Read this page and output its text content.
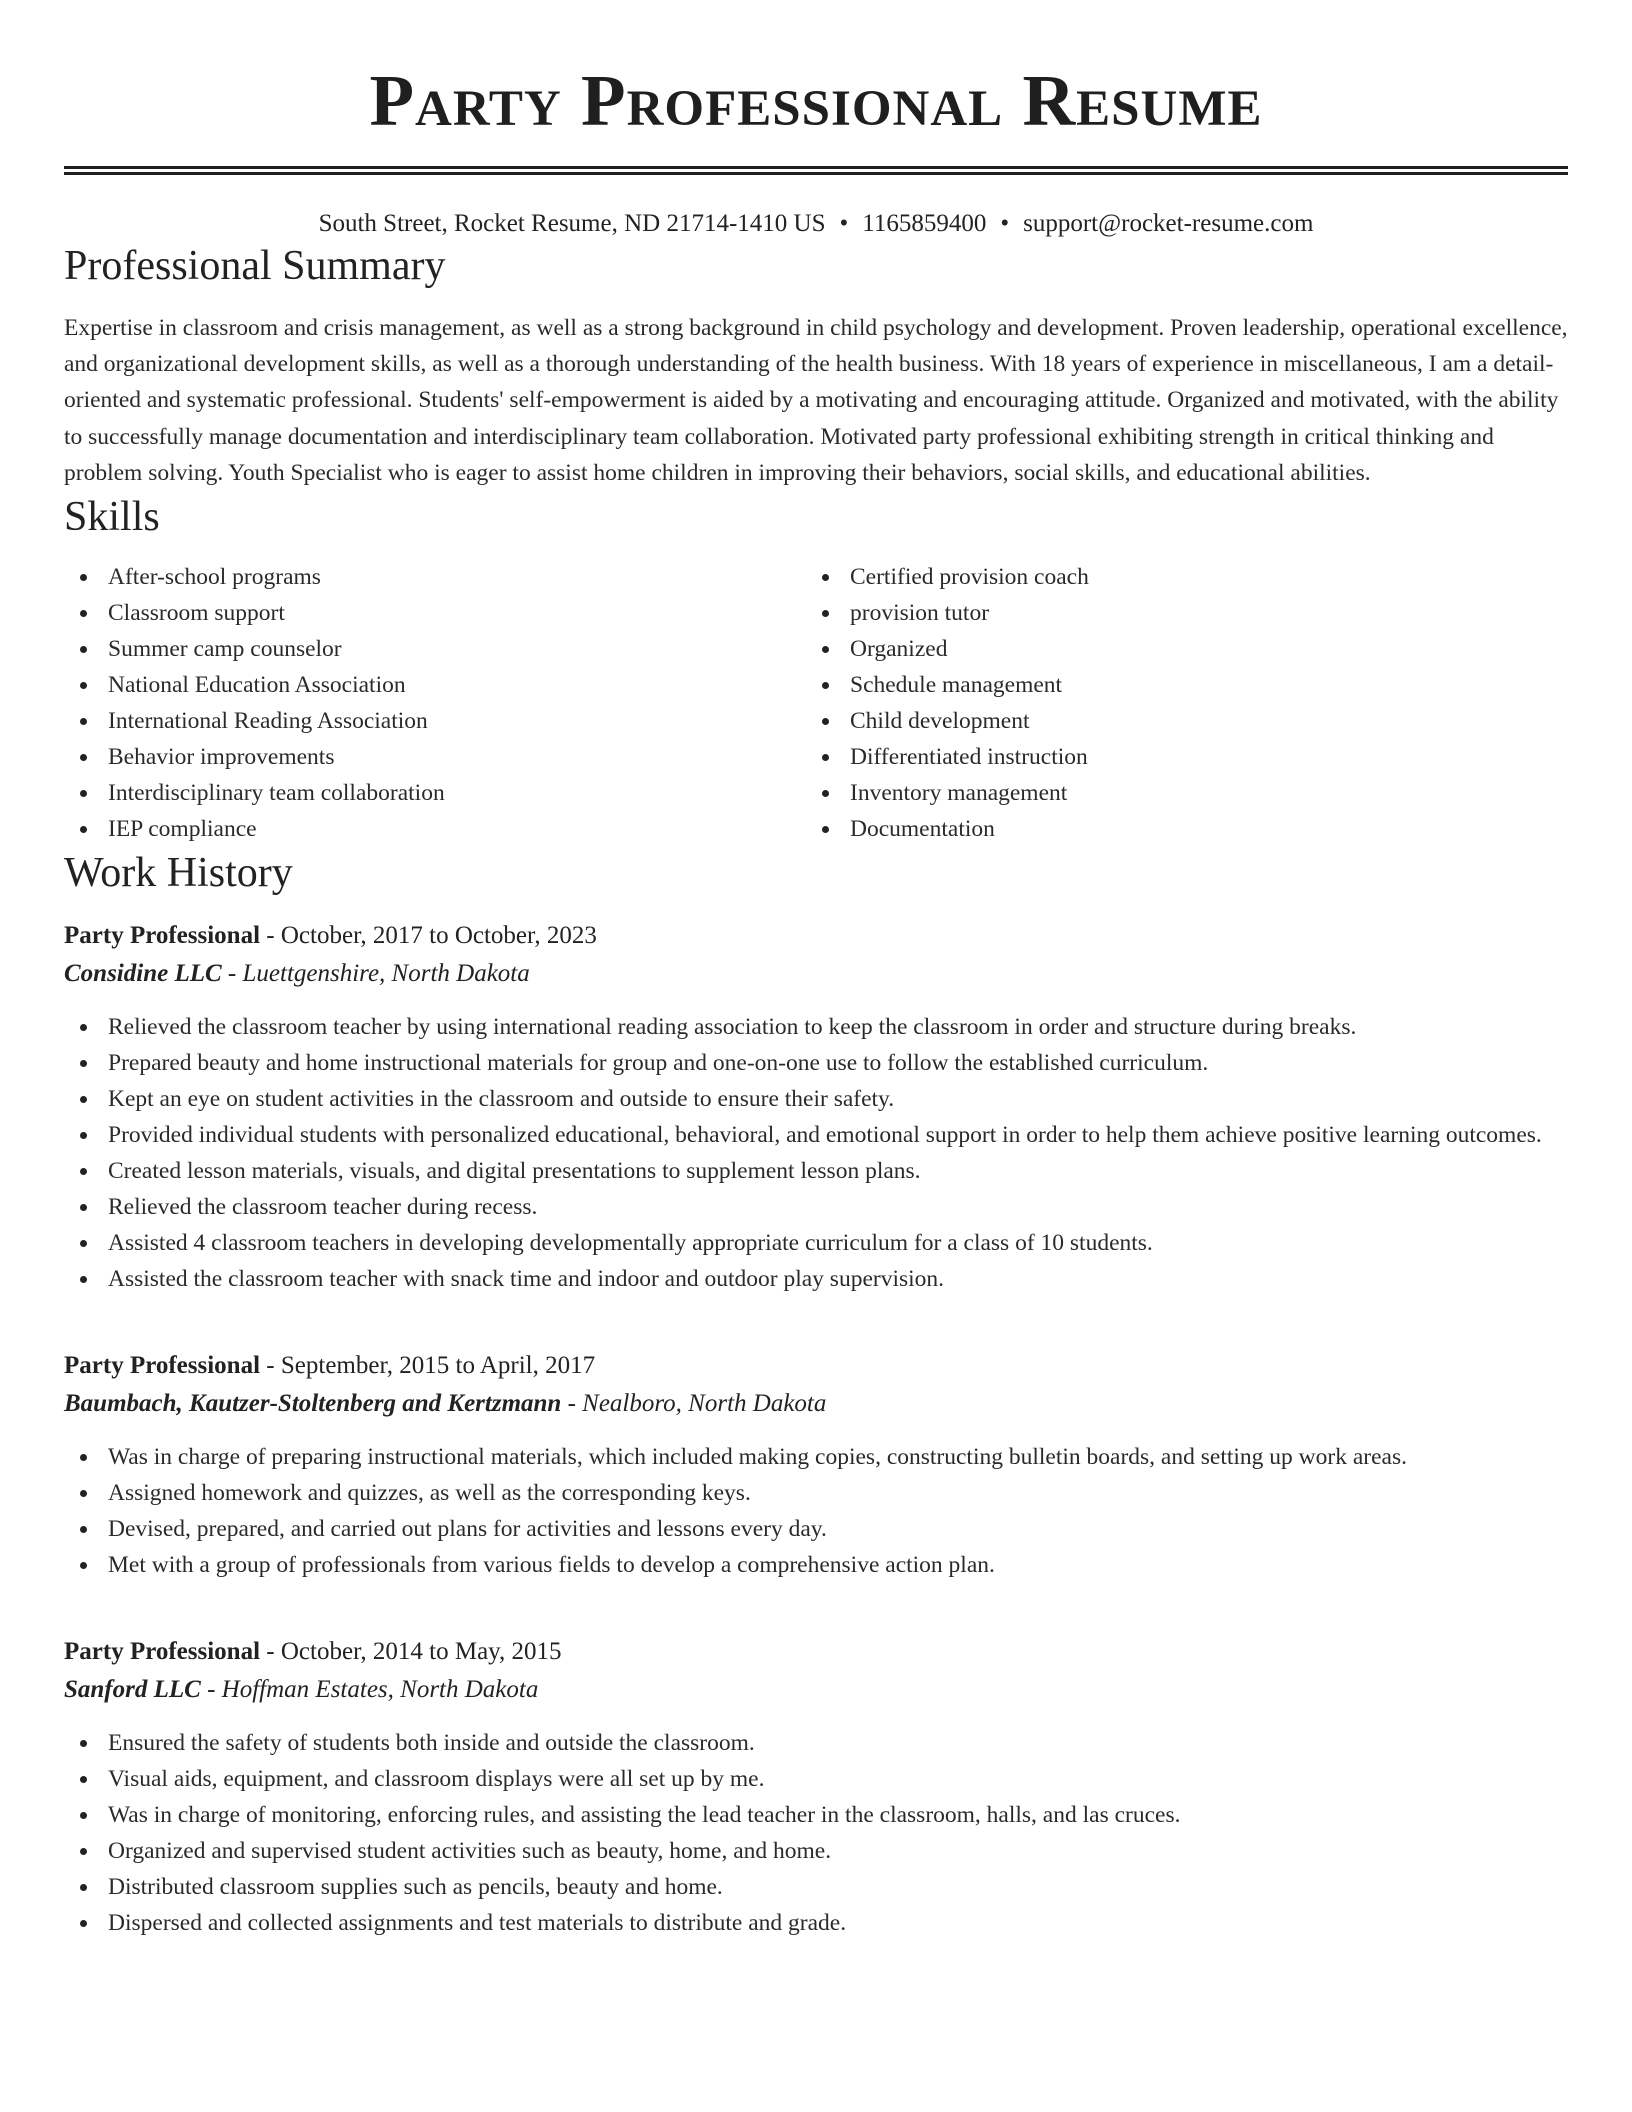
Party Professional Resume
South Street, Rocket Resume, ND 21714-1410 US • 1165859400 • support@rocket-resume.com
Professional Summary

Expertise in classroom and crisis management, as well as a strong background in child psychology and development. Proven leadership, operational excellence, and organizational development skills, as well as a thorough understanding of the health business. With 18 years of experience in miscellaneous, I am a detail-oriented and systematic professional. Students' self-empowerment is aided by a motivating and encouraging attitude. Organized and motivated, with the ability to successfully manage documentation and interdisciplinary team collaboration. Motivated party professional exhibiting strength in critical thinking and problem solving. Youth Specialist who is eager to assist home children in improving their behaviors, social skills, and educational abilities.

Skills
After-school programs
Classroom support
Summer camp counselor
National Education Association
International Reading Association
Behavior improvements
Interdisciplinary team collaboration
IEP compliance
Certified provision coach
provision tutor
Organized
Schedule management
Child development
Differentiated instruction
Inventory management
Documentation
Work History
Party Professional - October, 2017 to October, 2023
Considine LLC - Luettgenshire, North Dakota
Relieved the classroom teacher by using international reading association to keep the classroom in order and structure during breaks.
Prepared beauty and home instructional materials for group and one-on-one use to follow the established curriculum.
Kept an eye on student activities in the classroom and outside to ensure their safety.
Provided individual students with personalized educational, behavioral, and emotional support in order to help them achieve positive learning outcomes.
Created lesson materials, visuals, and digital presentations to supplement lesson plans.
Relieved the classroom teacher during recess.
Assisted 4 classroom teachers in developing developmentally appropriate curriculum for a class of 10 students.
Assisted the classroom teacher with snack time and indoor and outdoor play supervision.
Party Professional - September, 2015 to April, 2017
Baumbach, Kautzer-Stoltenberg and Kertzmann - Nealboro, North Dakota
Was in charge of preparing instructional materials, which included making copies, constructing bulletin boards, and setting up work areas.
Assigned homework and quizzes, as well as the corresponding keys.
Devised, prepared, and carried out plans for activities and lessons every day.
Met with a group of professionals from various fields to develop a comprehensive action plan.
Party Professional - October, 2014 to May, 2015
Sanford LLC - Hoffman Estates, North Dakota
Ensured the safety of students both inside and outside the classroom.
Visual aids, equipment, and classroom displays were all set up by me.
Was in charge of monitoring, enforcing rules, and assisting the lead teacher in the classroom, halls, and las cruces.
Organized and supervised student activities such as beauty, home, and home.
Distributed classroom supplies such as pencils, beauty and home.
Dispersed and collected assignments and test materials to distribute and grade.
